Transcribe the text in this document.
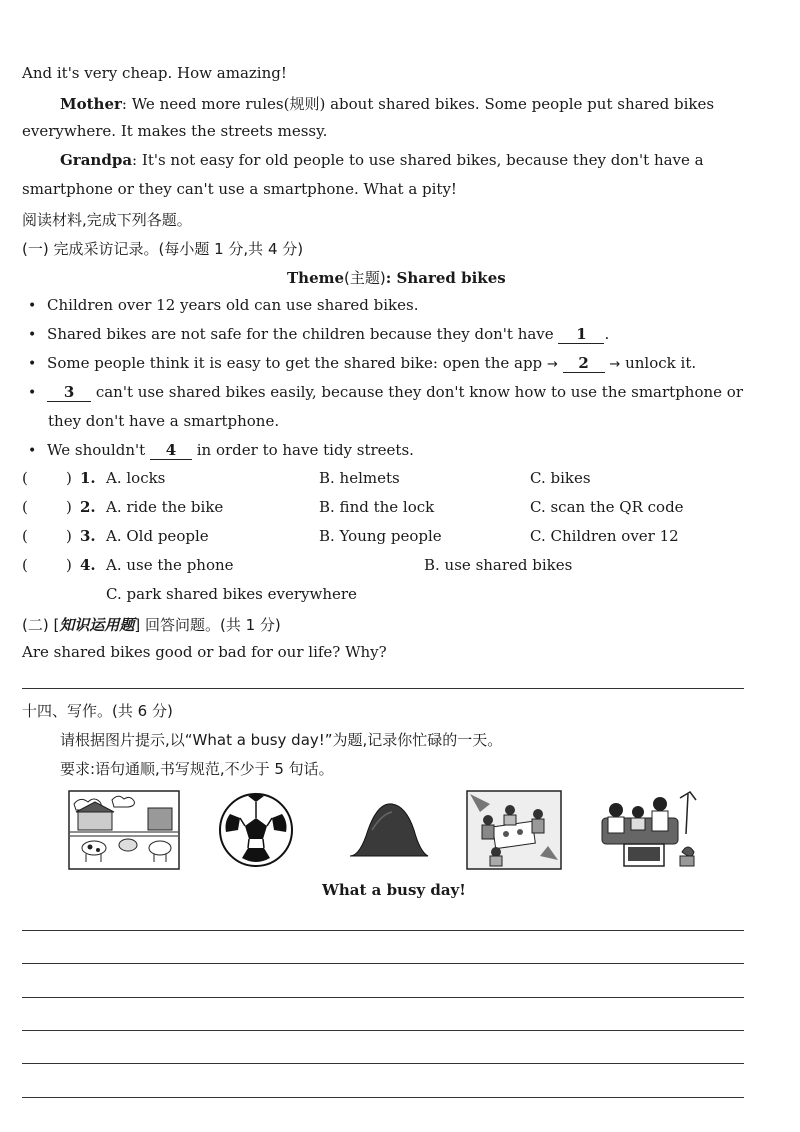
And it's very cheap. How amazing!
Mother: We need more rules(规则) about shared bikes. Some people put shared bikes
everywhere. It makes the streets messy.
Grandpa: It's not easy for old people to use shared bikes, because they don't have a
smartphone or they can't use a smartphone. What a pity!
阅读材料,完成下列各题。
(一) 完成采访记录。(每小题 1 分,共 4 分)
Theme(主题): Shared bikes
• Children over 12 years old can use shared bikes.
• Shared bikes are not safe for the children because they don't have 1 .
• Some people think it is easy to get the shared bike: open the app → 2 → unlock it.
• 3 can't use shared bikes easily, because they don't know how to use the smartphone or
they don't have a smartphone.
• We shouldn't 4 in order to have tidy streets.
(	) 1. A. locks	B. helmets	C. bikes
(	) 2. A. ride the bike	B. find the lock	C. scan the QR code
(	) 3. A. Old people	B. Young people	C. Children over 12
(	) 4. A. use the phone	B. use shared bikes
C. park shared bikes everywhere
(二) [知识运用题] 回答问题。(共 1 分)
Are shared bikes good or bad for our life? Why?
十四、写作。(共 6 分)
请根据图片提示,以“What a busy day!”为题,记录你忙碌的一天。
要求:语句通顺,书写规范,不少于 5 句话。
What a busy day!
